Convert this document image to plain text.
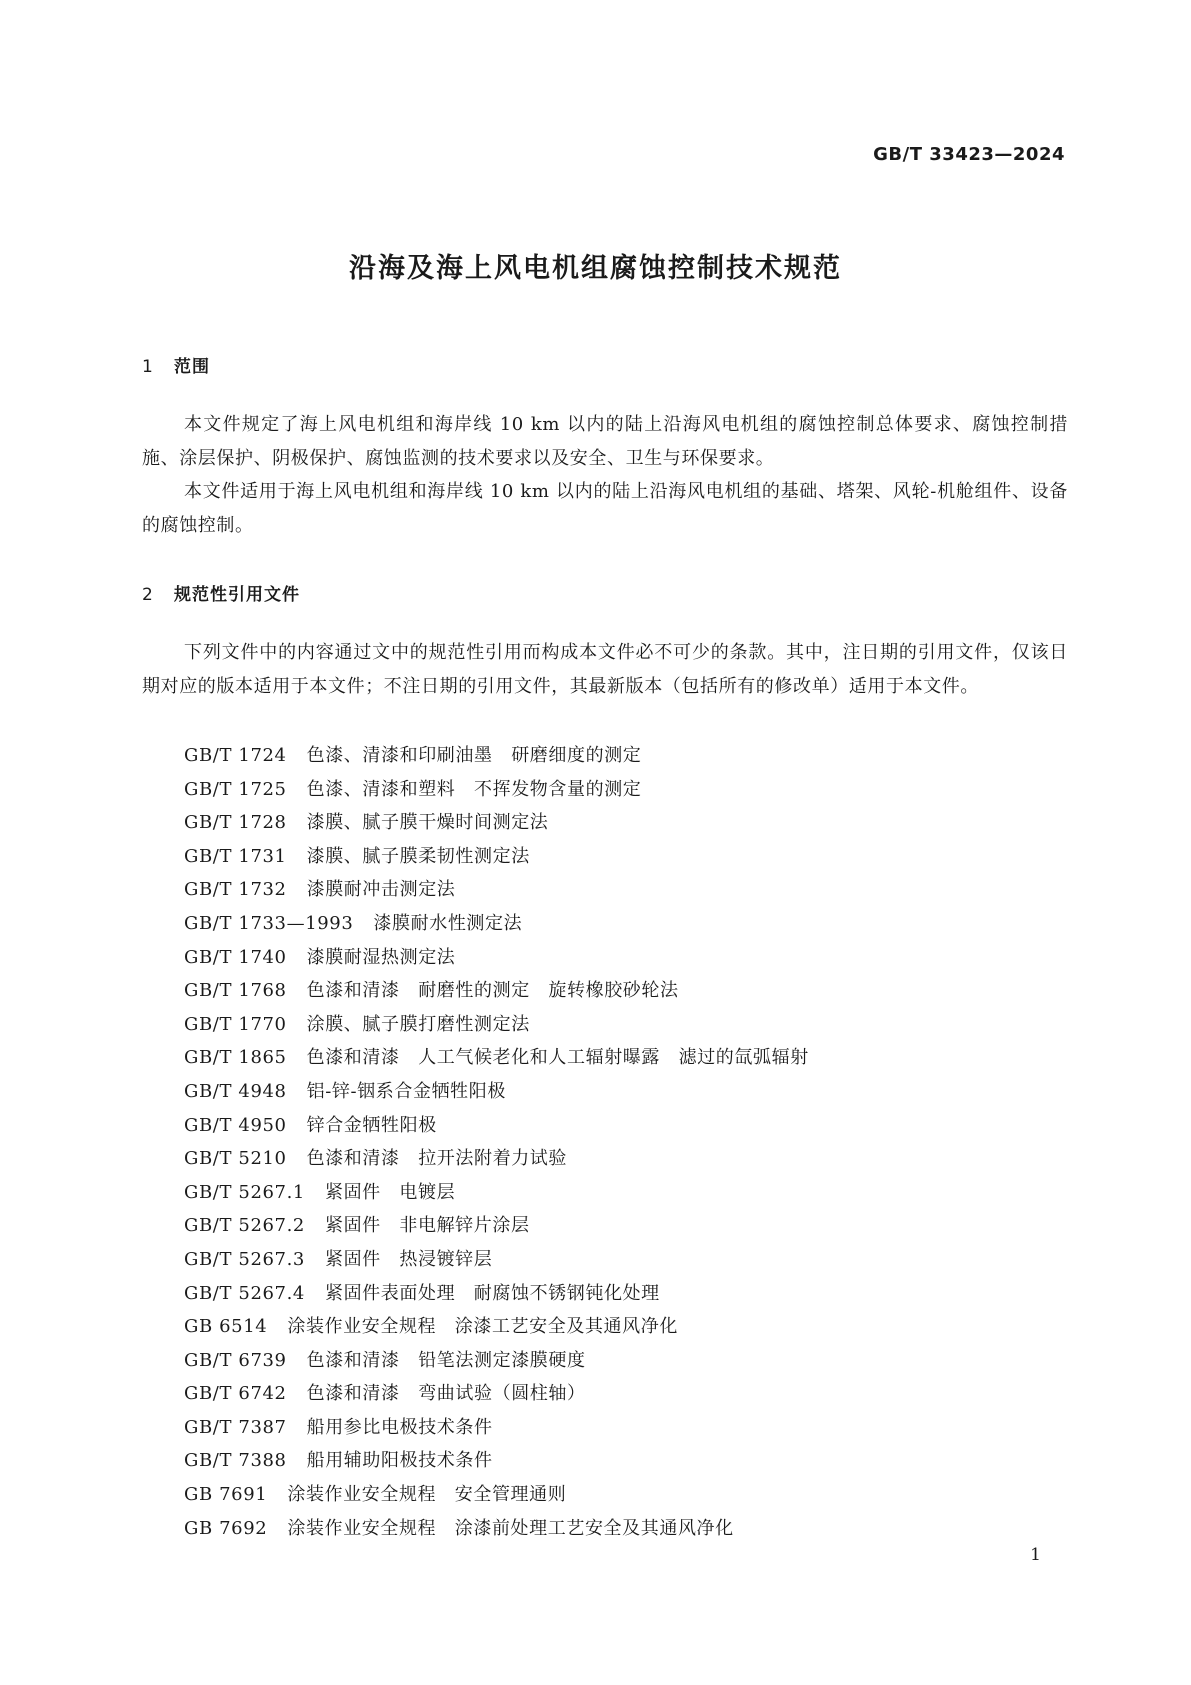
GB/T 33423—2024
沿海及海上风电机组腐蚀控制技术规范
1 范围
本文件规定了海上风电机组和海岸线 10 km 以内的陆上沿海风电机组的腐蚀控制总体要求、腐蚀控制措施、涂层保护、阴极保护、腐蚀监测的技术要求以及安全、卫生与环保要求。
本文件适用于海上风电机组和海岸线 10 km 以内的陆上沿海风电机组的基础、塔架、风轮-机舱组件、设备的腐蚀控制。
2 规范性引用文件
下列文件中的内容通过文中的规范性引用而构成本文件必不可少的条款。其中，注日期的引用文件，仅该日期对应的版本适用于本文件；不注日期的引用文件，其最新版本（包括所有的修改单）适用于本文件。
GB/T 1724 色漆、清漆和印刷油墨　研磨细度的测定
GB/T 1725 色漆、清漆和塑料　不挥发物含量的测定
GB/T 1728 漆膜、腻子膜干燥时间测定法
GB/T 1731 漆膜、腻子膜柔韧性测定法
GB/T 1732 漆膜耐冲击测定法
GB/T 1733—1993 漆膜耐水性测定法
GB/T 1740 漆膜耐湿热测定法
GB/T 1768 色漆和清漆　耐磨性的测定　旋转橡胶砂轮法
GB/T 1770 涂膜、腻子膜打磨性测定法
GB/T 1865 色漆和清漆　人工气候老化和人工辐射曝露　滤过的氙弧辐射
GB/T 4948 铝-锌-铟系合金牺牲阳极
GB/T 4950 锌合金牺牲阳极
GB/T 5210 色漆和清漆　拉开法附着力试验
GB/T 5267.1 紧固件　电镀层
GB/T 5267.2 紧固件　非电解锌片涂层
GB/T 5267.3 紧固件　热浸镀锌层
GB/T 5267.4 紧固件表面处理　耐腐蚀不锈钢钝化处理
GB 6514 涂装作业安全规程　涂漆工艺安全及其通风净化
GB/T 6739 色漆和清漆　铅笔法测定漆膜硬度
GB/T 6742 色漆和清漆　弯曲试验（圆柱轴）
GB/T 7387 船用参比电极技术条件
GB/T 7388 船用辅助阳极技术条件
GB 7691 涂装作业安全规程　安全管理通则
GB 7692 涂装作业安全规程　涂漆前处理工艺安全及其通风净化
1
